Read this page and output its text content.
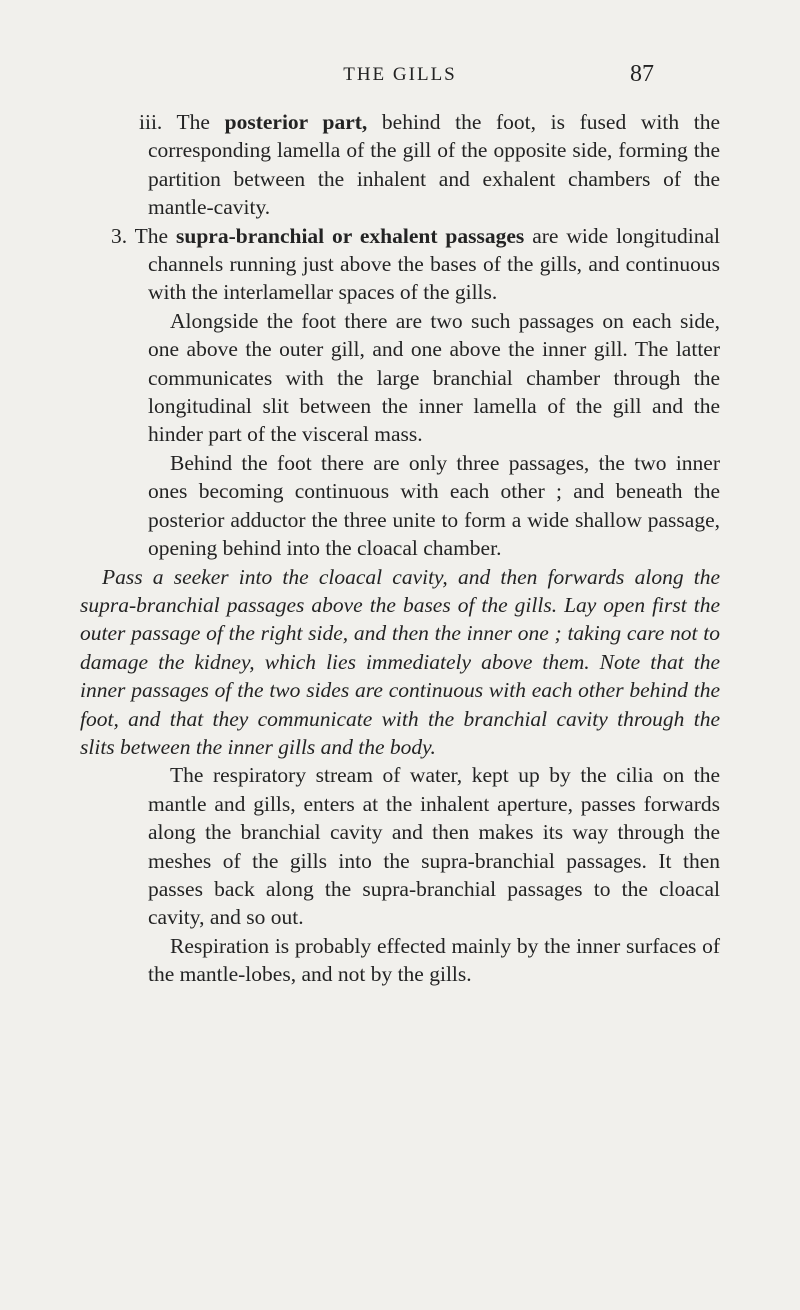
THE GILLS	87

iii. The posterior part, behind the foot, is fused with the corresponding lamella of the gill of the opposite side, forming the partition between the inhalent and exhalent chambers of the mantle-cavity.

3. The supra-branchial or exhalent passages are wide longitudinal channels running just above the bases of the gills, and continuous with the interlamellar spaces of the gills.

Alongside the foot there are two such passages on each side, one above the outer gill, and one above the inner gill. The latter communicates with the large branchial chamber through the longitudinal slit between the inner lamella of the gill and the hinder part of the visceral mass.

Behind the foot there are only three passages, the two inner ones becoming continuous with each other ; and beneath the posterior adductor the three unite to form a wide shallow passage, opening behind into the cloacal chamber.

Pass a seeker into the cloacal cavity, and then forwards along the supra-branchial passages above the bases of the gills. Lay open first the outer passage of the right side, and then the inner one ; taking care not to damage the kidney, which lies immediately above them. Note that the inner passages of the two sides are continuous with each other behind the foot, and that they communicate with the branchial cavity through the slits between the inner gills and the body.

The respiratory stream of water, kept up by the cilia on the mantle and gills, enters at the inhalent aperture, passes forwards along the branchial cavity and then makes its way through the meshes of the gills into the supra-branchial passages. It then passes back along the supra-branchial passages to the cloacal cavity, and so out.

Respiration is probably effected mainly by the inner surfaces of the mantle-lobes, and not by the gills.
